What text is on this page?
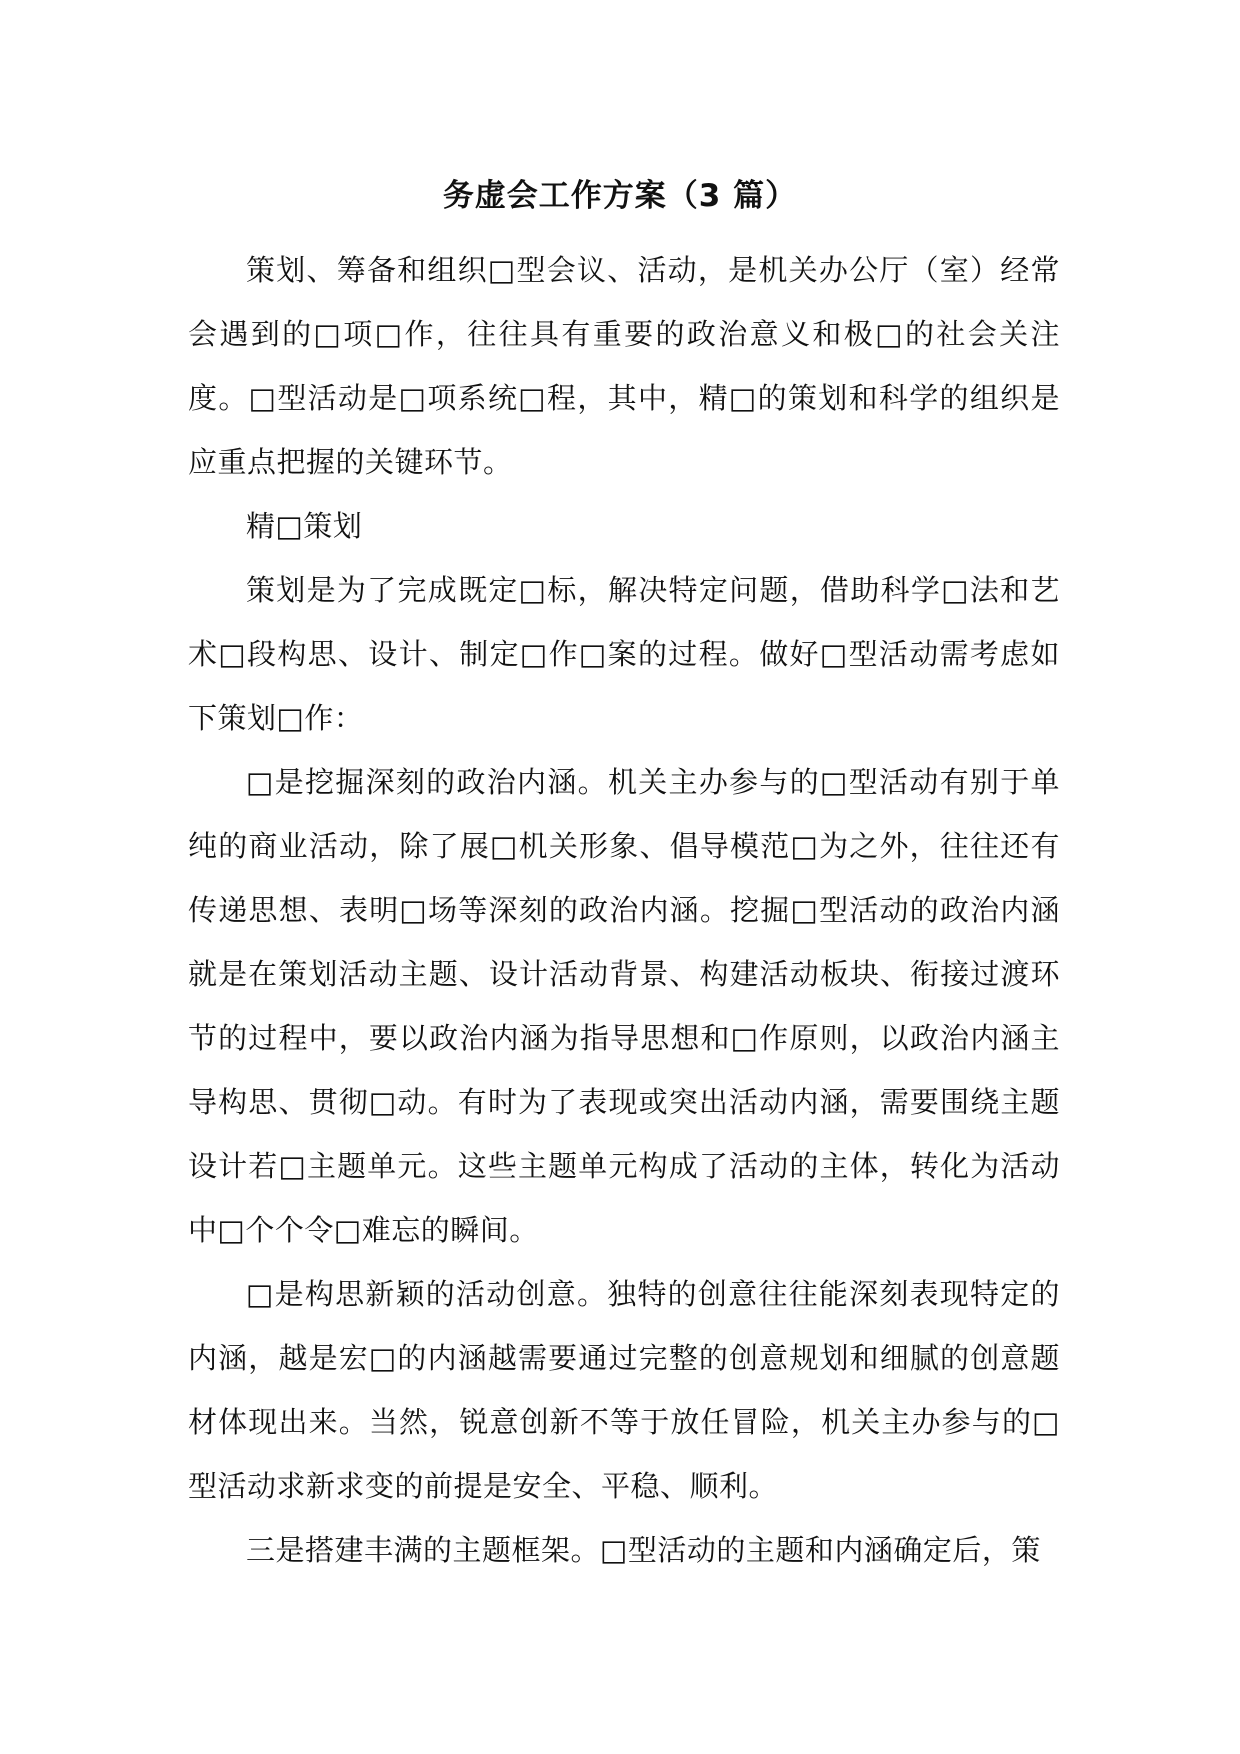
务虚会工作方案（3 篇）

策划、筹备和组织□型会议、活动，是机关办公厅（室）经常会遇到的□项□作，往往具有重要的政治意义和极□的社会关注度。□型活动是□项系统□程，其中，精□的策划和科学的组织是应重点把握的关键环节。

精□策划

策划是为了完成既定□标，解决特定问题，借助科学□法和艺术□段构思、设计、制定□作□案的过程。做好□型活动需考虑如下策划□作：

□是挖掘深刻的政治内涵。机关主办参与的□型活动有别于单纯的商业活动，除了展□机关形象、倡导模范□为之外，往往还有传递思想、表明□场等深刻的政治内涵。挖掘□型活动的政治内涵就是在策划活动主题、设计活动背景、构建活动板块、衔接过渡环节的过程中，要以政治内涵为指导思想和□作原则，以政治内涵主导构思、贯彻□动。有时为了表现或突出活动内涵，需要围绕主题设计若□主题单元。这些主题单元构成了活动的主体，转化为活动中□个个令□难忘的瞬间。

□是构思新颖的活动创意。独特的创意往往能深刻表现特定的内涵，越是宏□的内涵越需要通过完整的创意规划和细腻的创意题材体现出来。当然，锐意创新不等于放任冒险，机关主办参与的□型活动求新求变的前提是安全、平稳、顺利。

三是搭建丰满的主题框架。□型活动的主题和内涵确定后，策
